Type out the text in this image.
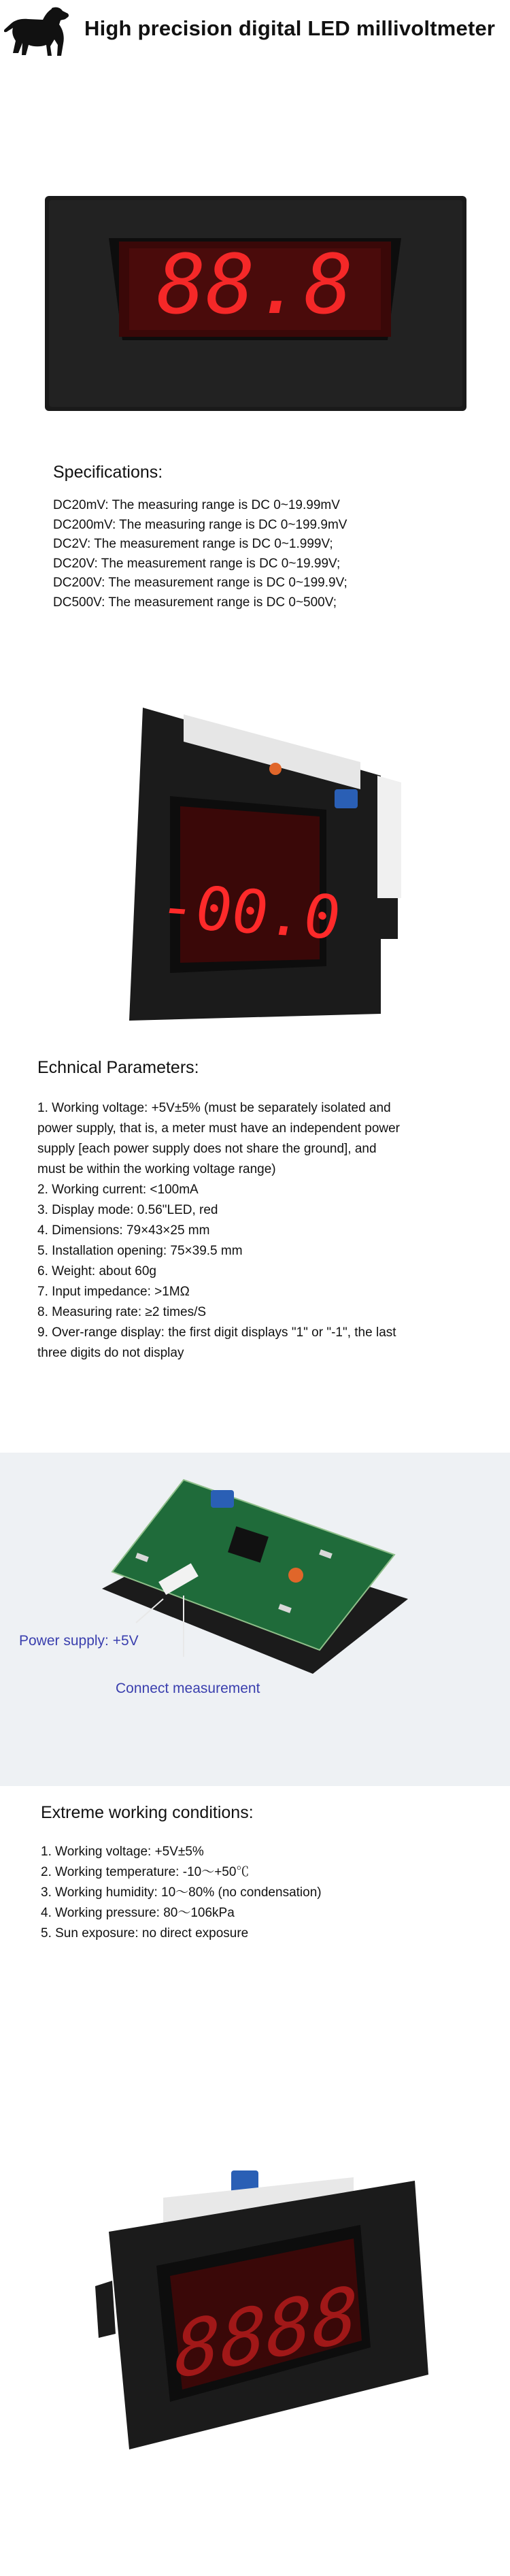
High precision digital LED millivoltmeter
88.8
Specifications:
DC20mV: The measuring range is DC 0~19.99mV
DC200mV: The measuring range is DC 0~199.9mV
DC2V: The measurement range is DC 0~1.999V;
DC20V: The measurement range is DC 0~19.99V;
DC200V: The measurement range is DC 0~199.9V;
DC500V: The measurement range is DC 0~500V;
-00.0
Echnical Parameters:
1. Working voltage: +5V±5% (must be separately isolated and
power supply, that is, a meter must have an independent power
supply [each power supply does not share the ground], and
must be within the working voltage range)
2. Working current: <100mA
3. Display mode: 0.56"LED, red
4. Dimensions: 79×43×25 mm
5. Installation opening: 75×39.5 mm
6. Weight: about 60g
7. Input impedance: >1MΩ
8. Measuring rate: ≥2 times/S
9. Over-range display: the first digit displays "1" or "-1", the last
three digits do not display
Power supply: +5V
Connect measurement
Extreme working conditions:
1. Working voltage: +5V±5%
2. Working temperature: -10～+50℃
3. Working humidity: 10～80% (no condensation)
4. Working pressure: 80～106kPa
5. Sun exposure: no direct exposure
8888
